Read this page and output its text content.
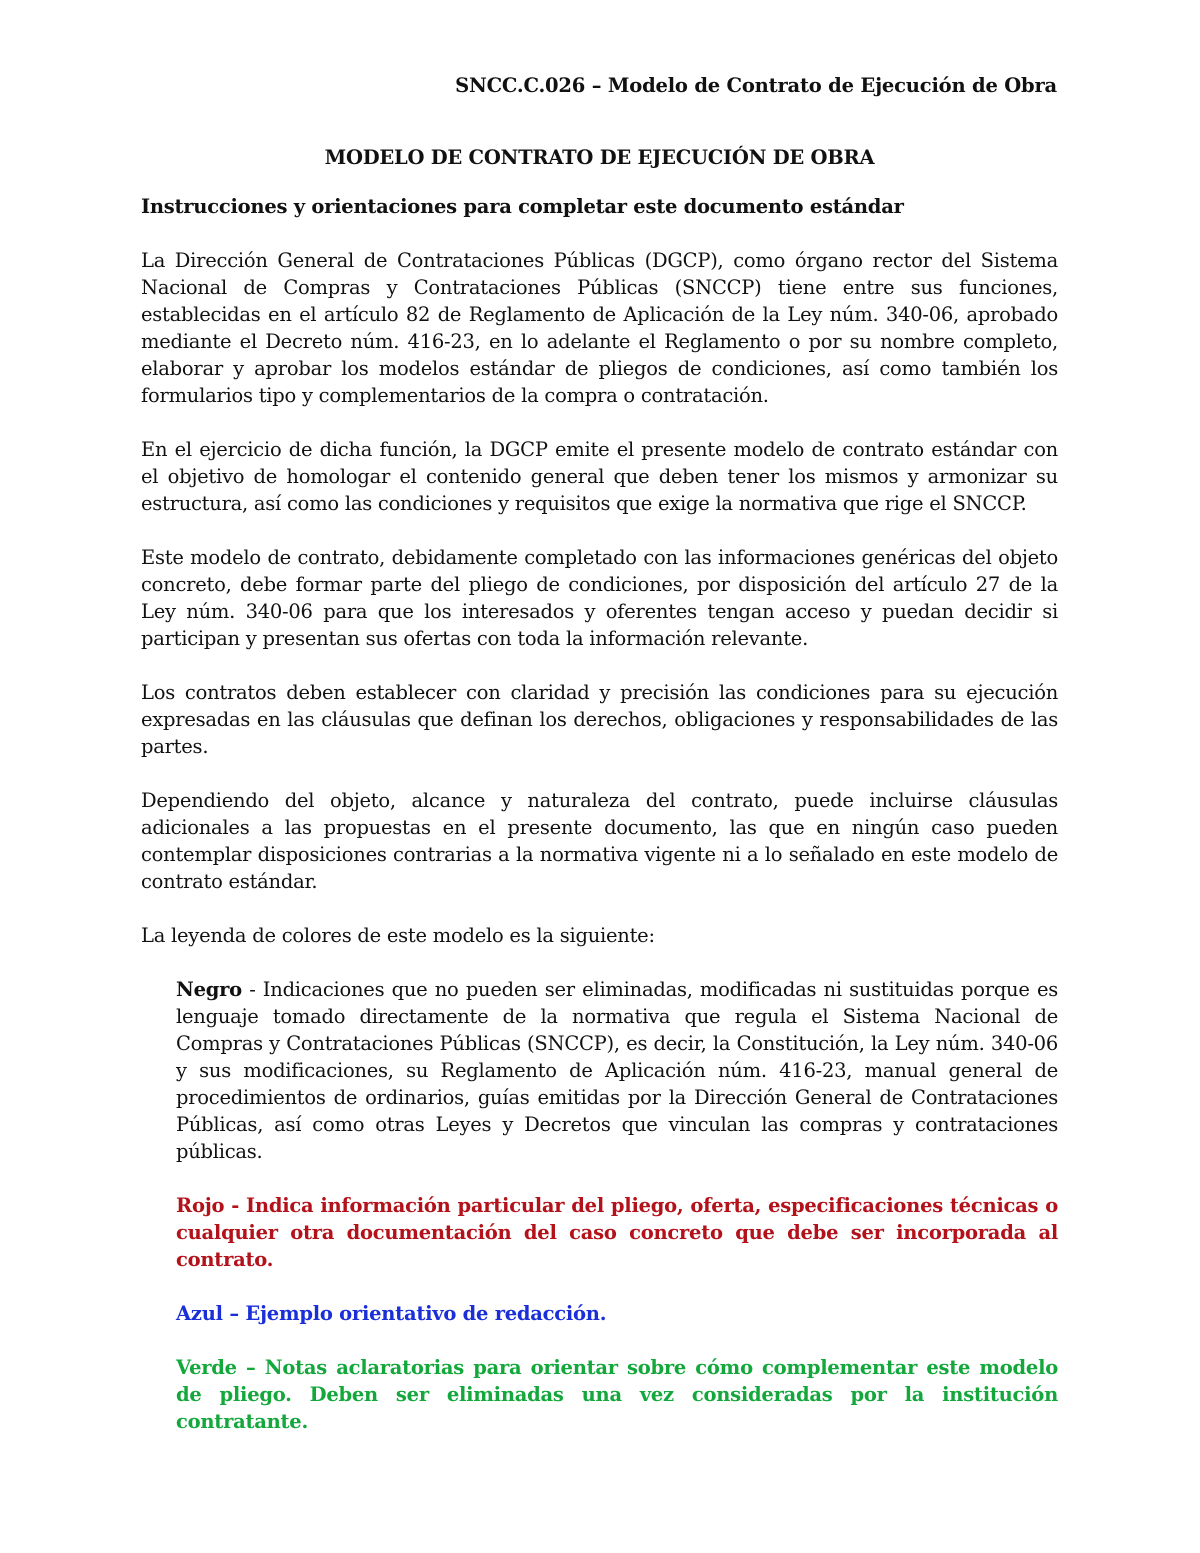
SNCC.C.026 – Modelo de Contrato de Ejecución de Obra
MODELO DE CONTRATO DE EJECUCIÓN DE OBRA
Instrucciones y orientaciones para completar este documento estándar

La Dirección General de Contrataciones Públicas (DGCP), como órgano rector del Sistema Nacional de Compras y Contrataciones Públicas (SNCCP) tiene entre sus funciones, establecidas en el artículo 82 de Reglamento de Aplicación de la Ley núm. 340-06, aprobado mediante el Decreto núm. 416-23, en lo adelante el Reglamento o por su nombre completo, elaborar y aprobar los modelos estándar de pliegos de condiciones, así como también los formularios tipo y complementarios de la compra o contratación.

En el ejercicio de dicha función, la DGCP emite el presente modelo de contrato estándar con el objetivo de homologar el contenido general que deben tener los mismos y armonizar su estructura, así como las condiciones y requisitos que exige la normativa que rige el SNCCP.

Este modelo de contrato, debidamente completado con las informaciones genéricas del objeto concreto, debe formar parte del pliego de condiciones, por disposición del artículo 27 de la Ley núm. 340-06 para que los interesados y oferentes tengan acceso y puedan decidir si participan y presentan sus ofertas con toda la información relevante.

Los contratos deben establecer con claridad y precisión las condiciones para su ejecución expresadas en las cláusulas que definan los derechos, obligaciones y responsabilidades de las partes.

Dependiendo del objeto, alcance y naturaleza del contrato, puede incluirse cláusulas adicionales a las propuestas en el presente documento, las que en ningún caso pueden contemplar disposiciones contrarias a la normativa vigente ni a lo señalado en este modelo de contrato estándar.

La leyenda de colores de este modelo es la siguiente:

Negro - Indicaciones que no pueden ser eliminadas, modificadas ni sustituidas porque es lenguaje tomado directamente de la normativa que regula el Sistema Nacional de Compras y Contrataciones Públicas (SNCCP), es decir, la Constitución, la Ley núm. 340-06 y sus modificaciones, su Reglamento de Aplicación núm. 416-23, manual general de procedimientos de ordinarios, guías emitidas por la Dirección General de Contrataciones Públicas, así como otras Leyes y Decretos que vinculan las compras y contrataciones públicas.

Rojo - Indica información particular del pliego, oferta, especificaciones técnicas o cualquier otra documentación del caso concreto que debe ser incorporada al contrato.

Azul – Ejemplo orientativo de redacción.

Verde – Notas aclaratorias para orientar sobre cómo complementar este modelo de pliego. Deben ser eliminadas una vez consideradas por la institución contratante.
